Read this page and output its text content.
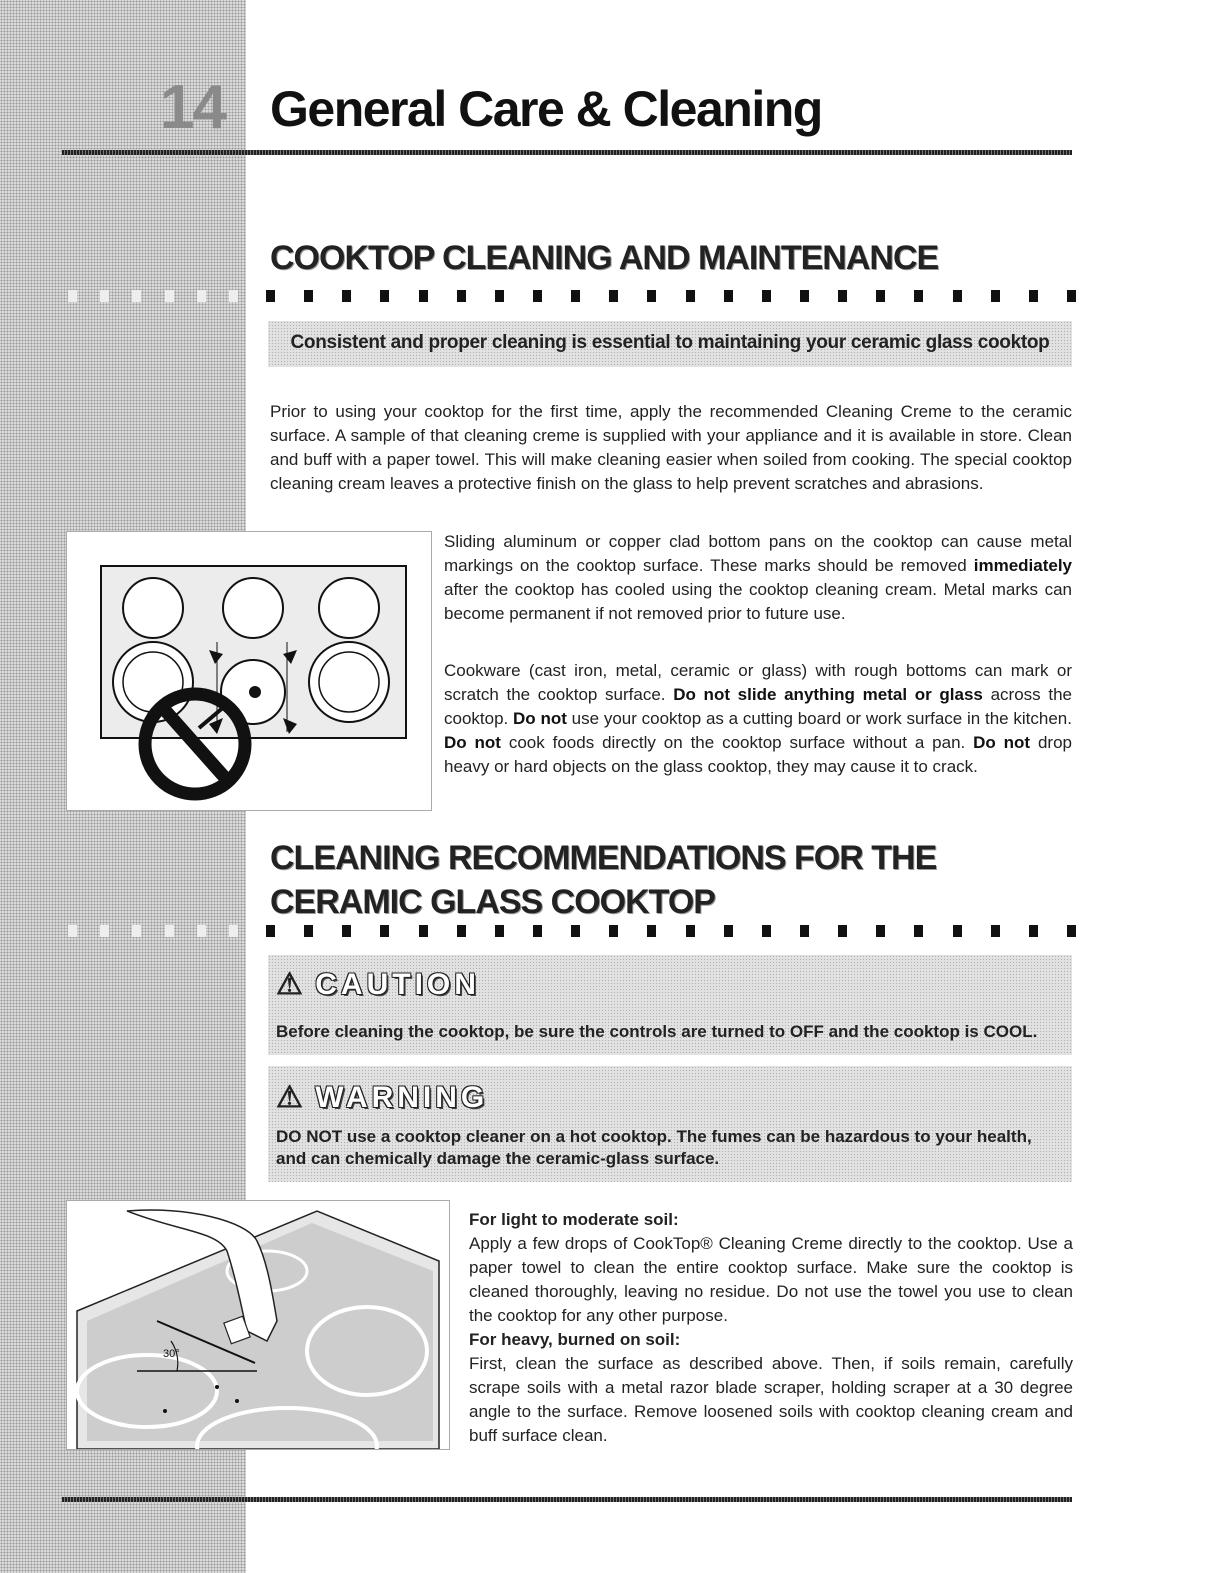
14 General Care & Cleaning
COOKTOP CLEANING AND MAINTENANCE
Consistent and proper cleaning is essential to maintaining your ceramic glass cooktop
Prior to using your cooktop for the first time, apply the recommended Cleaning Creme to the ceramic surface. A sample of that cleaning creme is supplied with your appliance and it is available in store. Clean and buff with a paper towel. This will make cleaning easier when soiled from cooking. The special cooktop cleaning cream leaves a protective finish on the glass to help prevent scratches and abrasions.
Sliding aluminum or copper clad bottom pans on the cooktop can cause metal markings on the cooktop surface. These marks should be removed immediately after the cooktop has cooled using the cooktop cleaning cream. Metal marks can become permanent if not removed prior to future use.
Cookware (cast iron, metal, ceramic or glass) with rough bottoms can mark or scratch the cooktop surface. Do not slide anything metal or glass across the cooktop. Do not use your cooktop as a cutting board or work surface in the kitchen. Do not cook foods directly on the cooktop surface without a pan. Do not drop heavy or hard objects on the glass cooktop, they may cause it to crack.
CLEANING RECOMMENDATIONS FOR THE CERAMIC GLASS COOKTOP
⚠ CAUTION
Before cleaning the cooktop, be sure the controls are turned to OFF and the cooktop is COOL.
⚠ WARNING
DO NOT use a cooktop cleaner on a hot cooktop. The fumes can be hazardous to your health, and can chemically damage the ceramic-glass surface.
30°
For light to moderate soil:
Apply a few drops of CookTop® Cleaning Creme directly to the cooktop. Use a paper towel to clean the entire cooktop surface. Make sure the cooktop is cleaned thoroughly, leaving no residue. Do not use the towel you use to clean the cooktop for any other purpose.
For heavy, burned on soil:
First, clean the surface as described above. Then, if soils remain, carefully scrape soils with a metal razor blade scraper, holding scraper at a 30 degree angle to the surface. Remove loosened soils with cooktop cleaning cream and buff surface clean.
